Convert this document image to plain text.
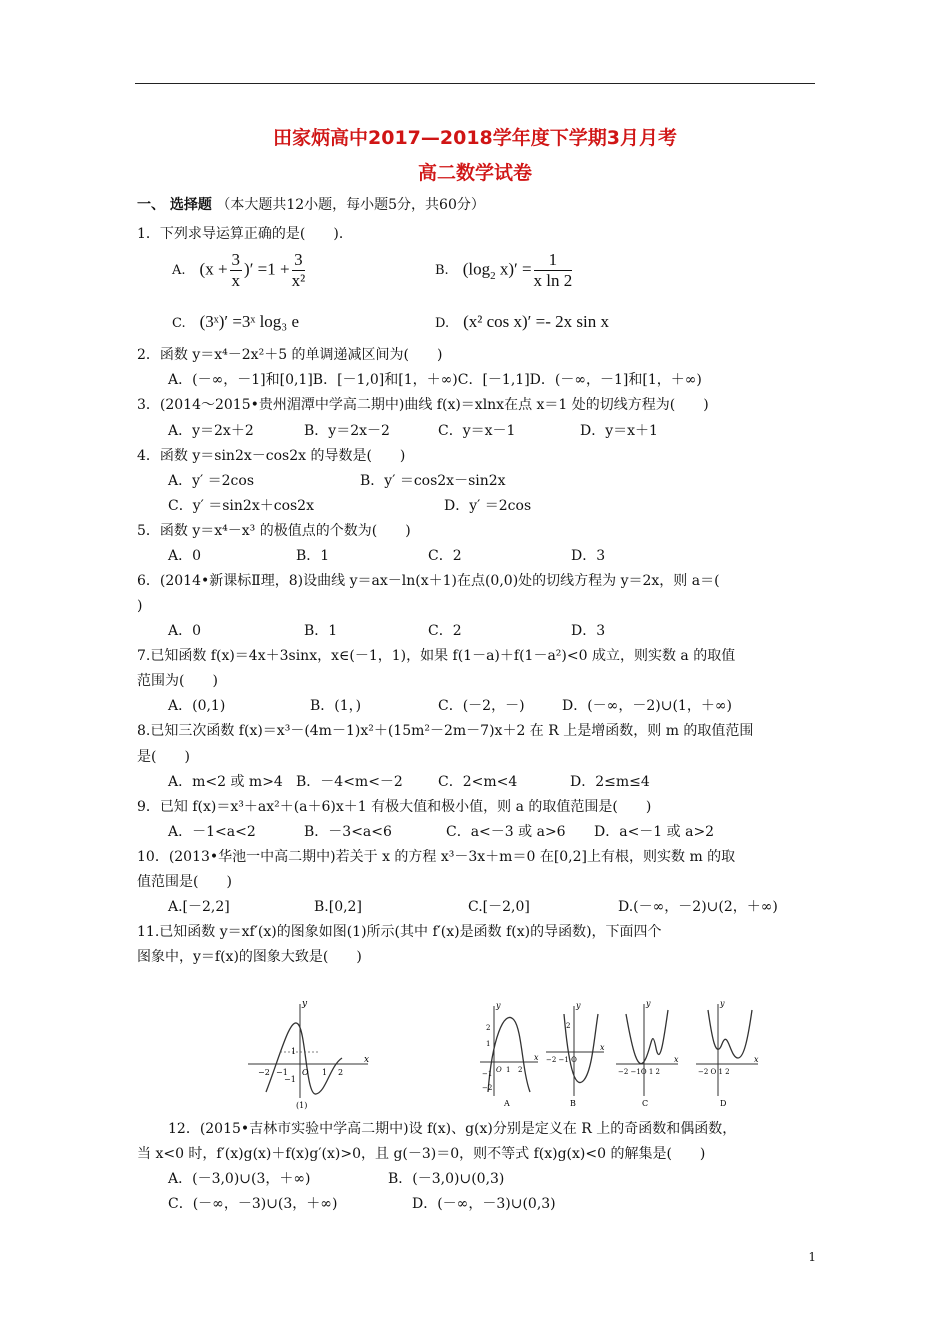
田家炳高中2017—2018学年度下学期3月月考
高二数学试卷
一、 选择题 （本大题共12小题，每小题5分，共60分）
1．下列求导运算正确的是(　　)．
A. ($x + \frac{3}{x}$ )′ $=1 + \frac{3}{\text{x²}}$	B. ($\log_2$ $x)' = \frac{1}{\text{x ln 2}}$
C. (3ˣ)′ =3ˣ log₃ e	D. (x² cos x)′ =- 2x sin x
2．函数 y＝x⁴－2x²＋5 的单调递减区间为(　　)
A．(－∞，－1]和[0,1]B．[－1,0]和[1，＋∞)C．[－1,1]D．(－∞，－1]和[1，＋∞)
3．(2014～2015•贵州湄潭中学高二期中)曲线 f(x)＝xlnx在点 x＝1 处的切线方程为(　　)
A．y＝2x＋2	B．y＝2x－2	C．y＝x－1	D．y＝x＋1
4．函数 y＝sin2x－cos2x 的导数是(　　)
A．y′ ＝2cos	B．y′ ＝cos2x－sin2x
C．y′ ＝sin2x＋cos2x	D．y′ ＝2cos
5．函数 y＝x⁴－x³ 的极值点的个数为(　　)
A．0	B．1	C．2	D．3
6．(2014•新课标Ⅱ理，8)设曲线 y＝ax－ln(x＋1)在点(0,0)处的切线方程为 y＝2x，则 a＝(
)
A．0	B．1	C．2	D．3
7.已知函数 f(x)＝4x＋3sinx，x∈(－1，1)，如果 f(1－a)＋f(1－a²)<0 成立，则实数 a 的取值
范围为(　　)
A．(0,1)	B．(1，)	C．(－2，－)	D．(－∞，－2)∪(1，＋∞)
8.已知三次函数 f(x)＝x³－(4m－1)x²＋(15m²－2m－7)x＋2 在 R 上是增函数，则 m 的取值范围
是(　　)
A．m<2 或 m>4 B．－4<m<－2	C．2<m<4	D．2≤m≤4
9．已知 f(x)＝x³＋ax²＋(a＋6)x＋1 有极大值和极小值，则 a 的取值范围是(　　)
A．－1<a<2	B．－3<a<6	C．a<－3 或 a>6 D．a<－1 或 a>2
10．(2013•华池一中高二期中)若关于 x 的方程 x³－3x＋m＝0 在[0,2]上有根，则实数 m 的取
值范围是(　　)
A.[－2,2]	B.[0,2]	C.[－2,0]	D.(－∞，－2)∪(2，＋∞)
11.已知函数 y＝xf′(x)的图象如图(1)所示(其中 f′(x)是函数 f(x)的导函数)，下面四个
图象中，y＝f(x)的图象大致是(　　)
y
x
−2 −1 O 1 2
1
−1
(1)
y
x
2
1
−1
−2
O 1 2
A
y
x
−2 −1 O
2
B
y
x
−2 −1O 1 2
C
y
x
−2 O 1 2
D
12．(2015•吉林市实验中学高二期中)设 f(x)、g(x)分别是定义在 R 上的奇函数和偶函数，
当 x<0 时，f′(x)g(x)＋f(x)g′(x)>0，且 g(－3)＝0，则不等式 f(x)g(x)<0 的解集是(　　)
A．(－3,0)∪(3，＋∞)	B．(－3,0)∪(0,3)
C．(－∞，－3)∪(3，＋∞)	D．(－∞，－3)∪(0,3)
1
